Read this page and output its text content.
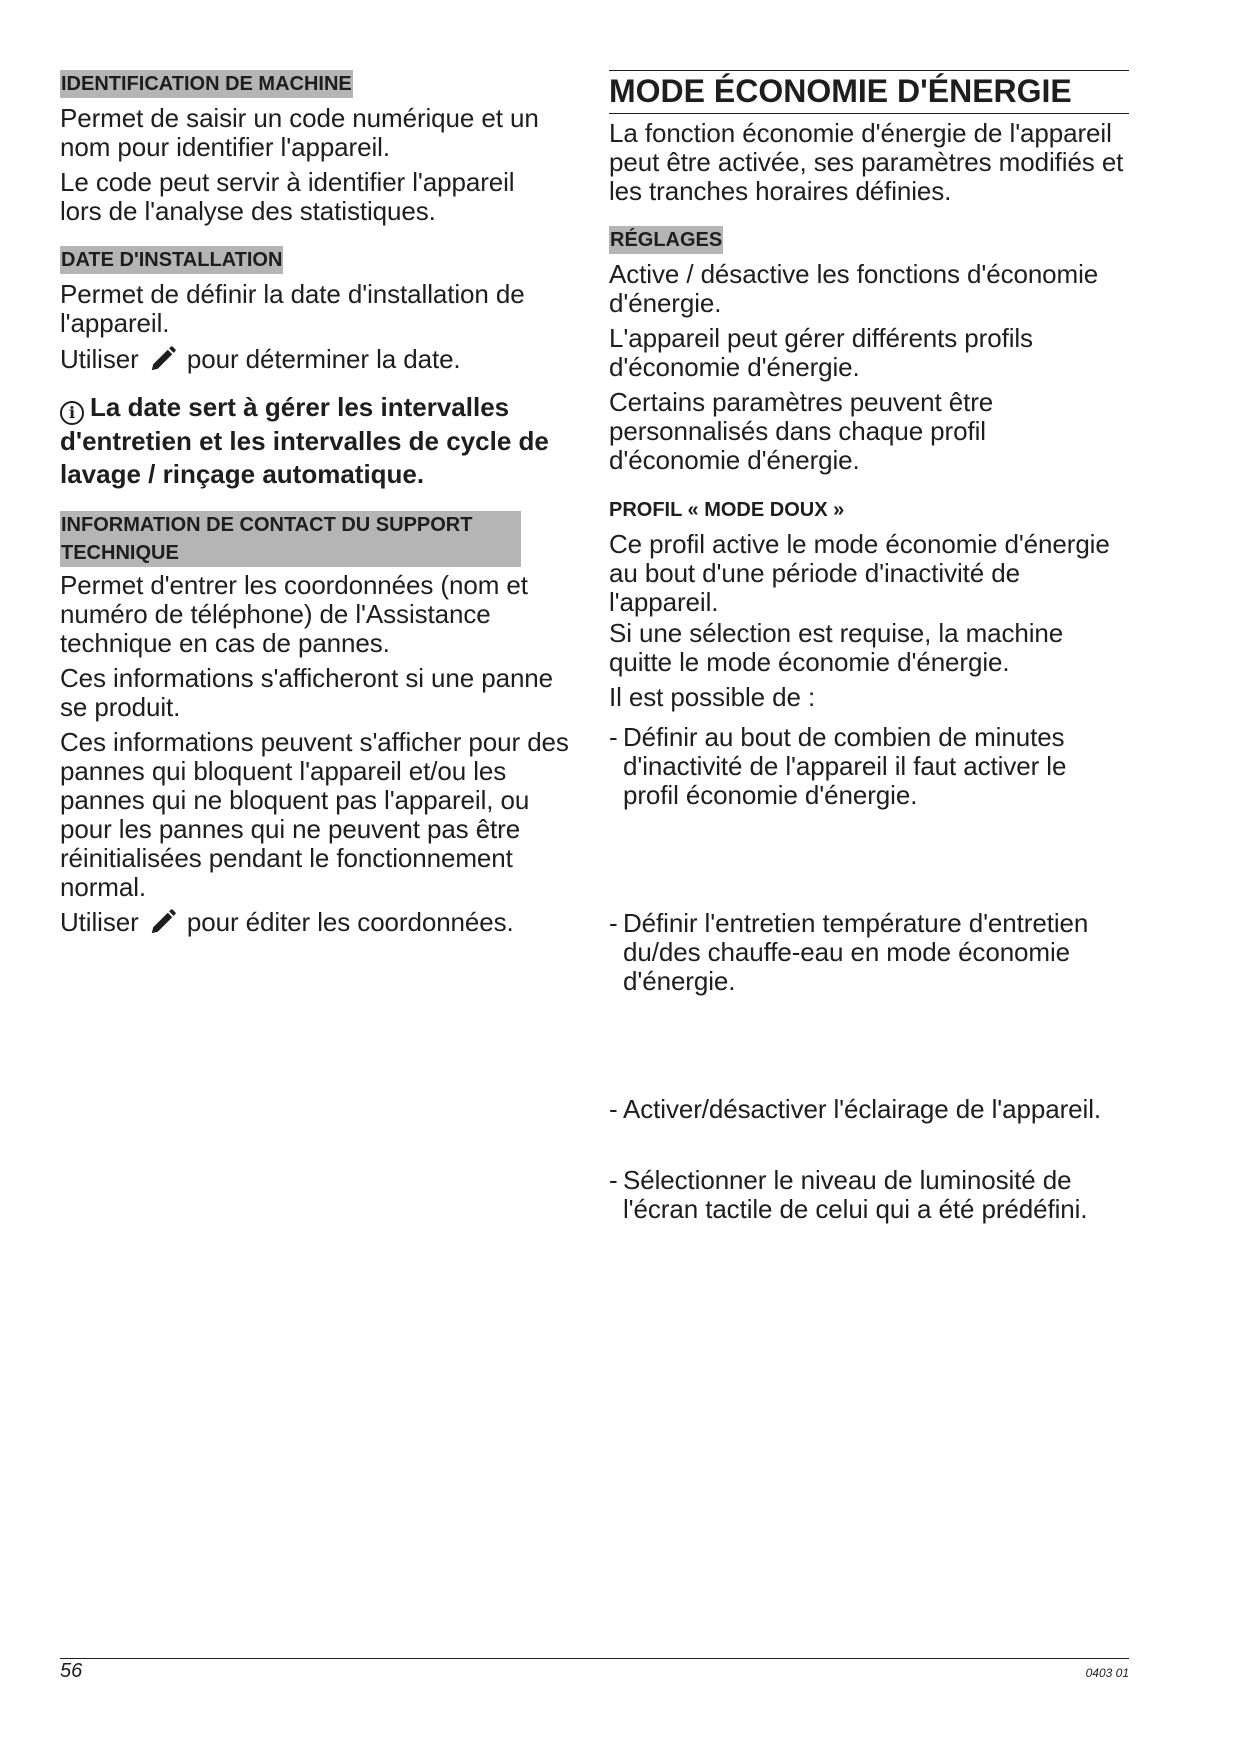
IDENTIFICATION DE MACHINE

Permet de saisir un code numérique et un nom pour identifier l'appareil.

Le code peut servir à identifier l'appareil lors de l'analyse des statistiques.

DATE D'INSTALLATION

Permet de définir la date d'installation de l'appareil.

Utiliser pour déterminer la date.

i La date sert à gérer les intervalles d'entretien et les intervalles de cycle de lavage / rinçage automatique.
INFORMATION DE CONTACT DU SUPPORT TECHNIQUE

Permet d'entrer les coordonnées (nom et numéro de téléphone) de l'Assistance technique en cas de pannes.

Ces informations s'afficheront si une panne se produit.

Ces informations peuvent s'afficher pour des pannes qui bloquent l'appareil et/ou les pannes qui ne bloquent pas l'appareil, ou pour les pannes qui ne peuvent pas être réinitialisées pendant le fonctionnement normal.

Utiliser pour éditer les coordonnées.

MODE ÉCONOMIE D'ÉNERGIE

La fonction économie d'énergie de l'appareil peut être activée, ses paramètres modifiés et les tranches horaires définies.

RÉGLAGES

Active / désactive les fonctions d'économie d'énergie.

L'appareil peut gérer différents profils d'économie d'énergie.

Certains paramètres peuvent être personnalisés dans chaque profil d'économie d'énergie.

PROFIL « MODE DOUX »

Ce profil active le mode économie d'énergie au bout d'une période d'inactivité de l'appareil.

Si une sélection est requise, la machine quitte le mode économie d'énergie.

Il est possible de :

- Définir au bout de combien de minutes d'inactivité de l'appareil il faut activer le profil économie d'énergie.

- Définir l'entretien température d'entretien du/des chauffe-eau en mode économie d'énergie.

- Activer/désactiver l'éclairage de l'appareil.

- Sélectionner le niveau de luminosité de l'écran tactile de celui qui a été prédéfini.

56	0403 01
